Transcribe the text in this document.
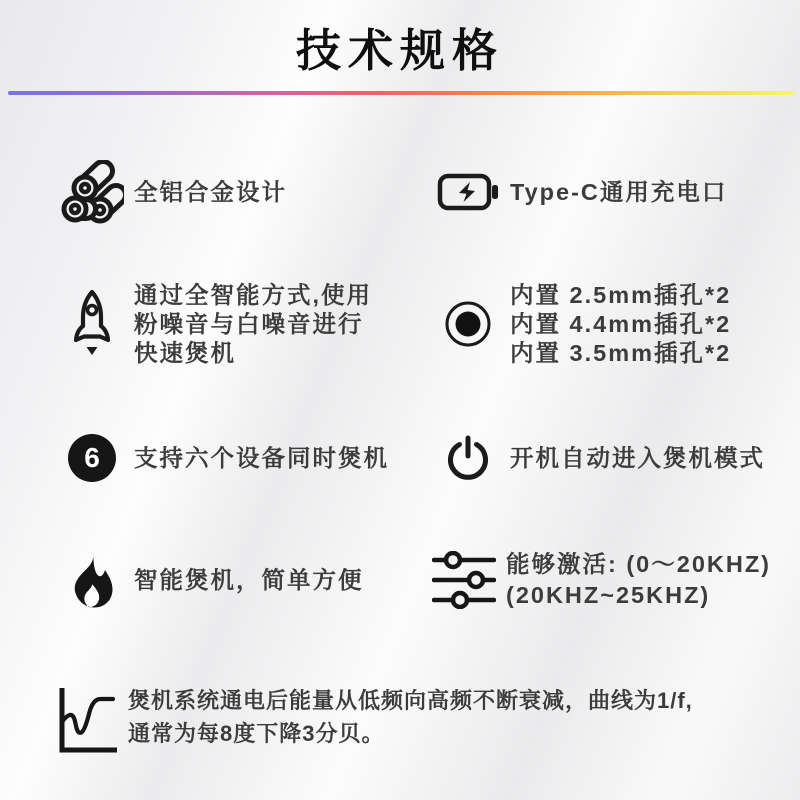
技术规格
全铝合金设计	Type-C通用充电口
通过全智能方式,使用
粉噪音与白噪音进行
快速煲机
内置 2.5mm插孔*2
内置 4.4mm插孔*2
内置 3.5mm插孔*2
6	支持六个设备同时煲机	开机自动进入煲机模式
智能煲机，简单方便
能够激活: (0～20KHZ)
(20KHZ~25KHZ)
煲机系统通电后能量从低频向高频不断衰减，曲线为1/f,
通常为每8度下降3分贝。
